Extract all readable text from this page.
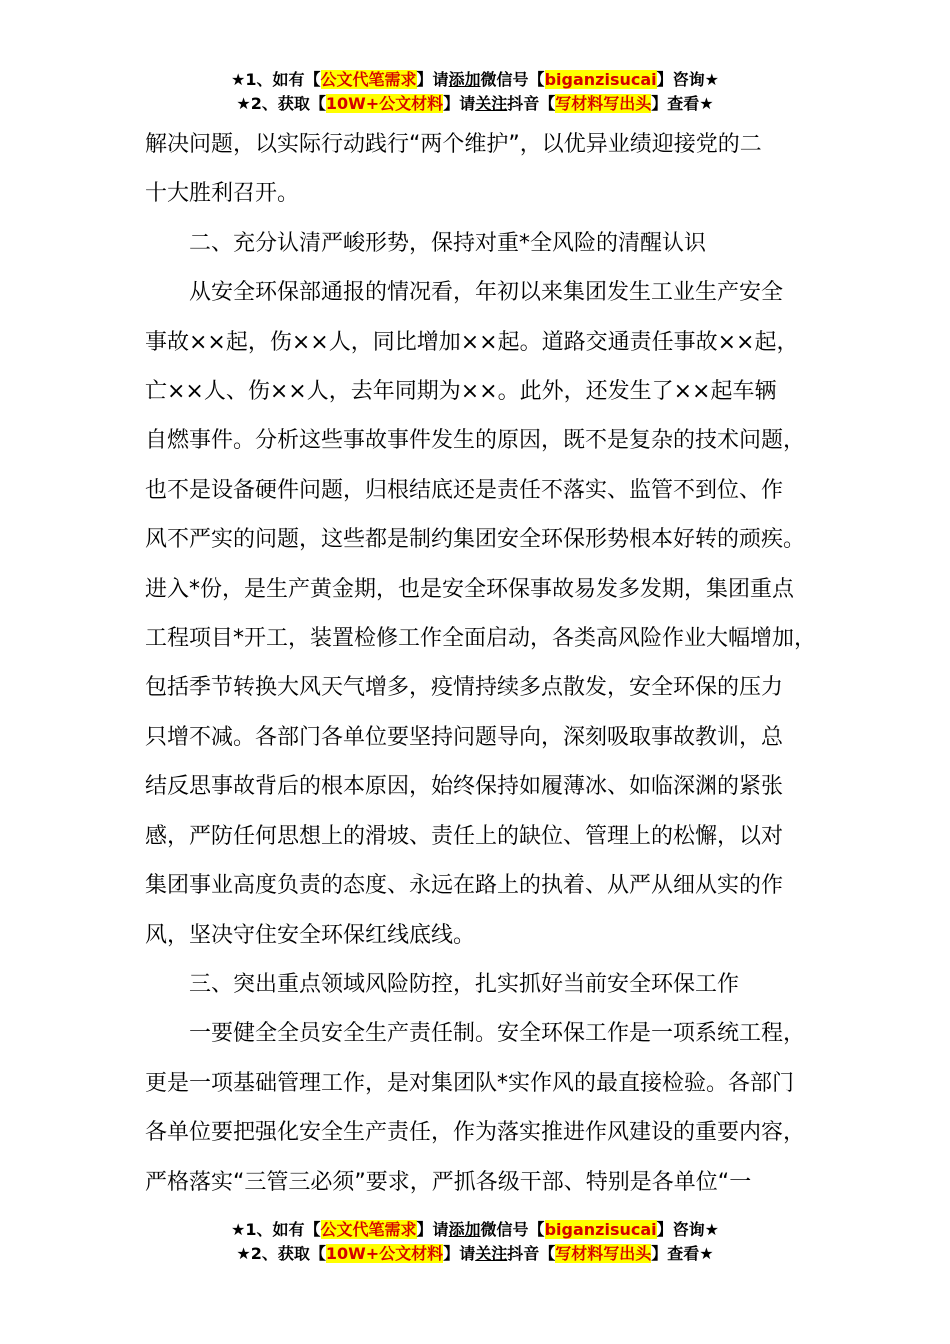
★1、如有【公文代笔需求】请添加微信号【biganzisucai】咨询★
★2、获取【10W+公文材料】请关注抖音【写材料写出头】查看★

解决问题，以实际行动践行“两个维护”，以优异业绩迎接党的二

十大胜利召开。

　　二、充分认清严峻形势，保持对重*全风险的清醒认识

　　从安全环保部通报的情况看，年初以来集团发生工业生产安全

事故××起，伤××人，同比增加××起。道路交通责任事故××起，

亡××人、伤××人，去年同期为××。此外，还发生了××起车辆

自燃事件。分析这些事故事件发生的原因，既不是复杂的技术问题，

也不是设备硬件问题，归根结底还是责任不落实、监管不到位、作

风不严实的问题，这些都是制约集团安全环保形势根本好转的顽疾。

进入*份，是生产黄金期，也是安全环保事故易发多发期，集团重点

工程项目*开工，装置检修工作全面启动，各类高风险作业大幅增加，

包括季节转换大风天气增多，疫情持续多点散发，安全环保的压力

只增不减。各部门各单位要坚持问题导向，深刻吸取事故教训，总

结反思事故背后的根本原因，始终保持如履薄冰、如临深渊的紧张

感，严防任何思想上的滑坡、责任上的缺位、管理上的松懈，以对

集团事业高度负责的态度、永远在路上的执着、从严从细从实的作

风，坚决守住安全环保红线底线。

　　三、突出重点领域风险防控，扎实抓好当前安全环保工作

　　一要健全全员安全生产责任制。安全环保工作是一项系统工程，

更是一项基础管理工作，是对集团队*实作风的最直接检验。各部门

各单位要把强化安全生产责任，作为落实推进作风建设的重要内容，

严格落实“三管三必须”要求，严抓各级干部、特别是各单位“一

★1、如有【公文代笔需求】请添加微信号【biganzisucai】咨询★
★2、获取【10W+公文材料】请关注抖音【写材料写出头】查看★
